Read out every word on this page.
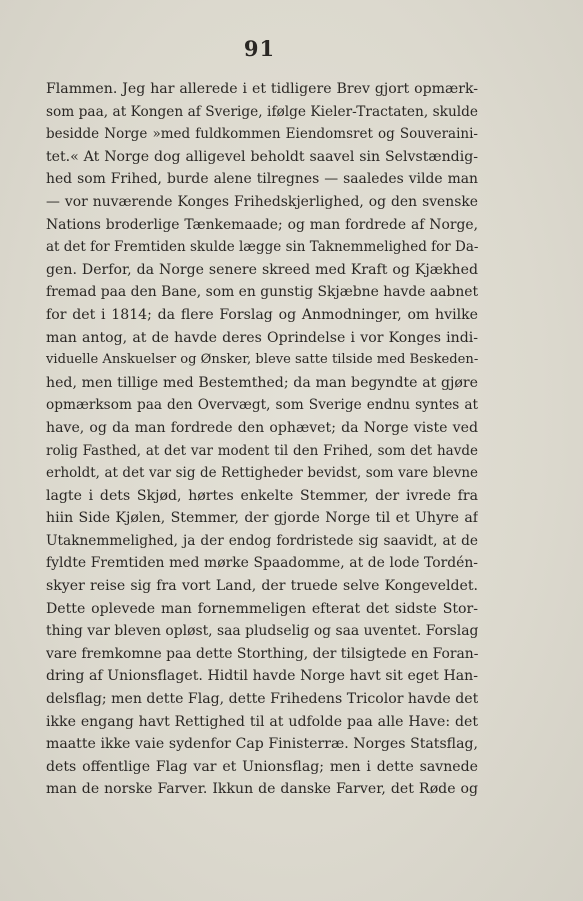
91
Flammen. Jeg har allerede i et tidligere Brev gjort opmærk-
som paa, at Kongen af Sverige, ifølge Kieler-Tractaten, skulde
besidde Norge »med fuldkommen Eiendomsret og Souveraini-
tet.« At Norge dog alligevel beholdt saavel sin Selvstændig-
hed som Frihed, burde alene tilregnes — saaledes vilde man
— vor nuværende Konges Frihedskjerlighed, og den svenske
Nations broderlige Tænkemaade; og man fordrede af Norge,
at det for Fremtiden skulde lægge sin Taknemmelighed for Da-
gen. Derfor, da Norge senere skreed med Kraft og Kjækhed
fremad paa den Bane, som en gunstig Skjæbne havde aabnet
for det i 1814; da flere Forslag og Anmodninger, om hvilke
man antog, at de havde deres Oprindelse i vor Konges indi-
viduelle Anskuelser og Ønsker, bleve satte tilside med Beskeden-
hed, men tillige med Bestemthed; da man begyndte at gjøre
opmærksom paa den Overvægt, som Sverige endnu syntes at
have, og da man fordrede den ophævet; da Norge viste ved
rolig Fasthed, at det var modent til den Frihed, som det havde
erholdt, at det var sig de Rettigheder bevidst, som vare blevne
lagte i dets Skjød, hørtes enkelte Stemmer, der ivrede fra
hiin Side Kjølen, Stemmer, der gjorde Norge til et Uhyre af
Utaknemmelighed, ja der endog fordristede sig saavidt, at de
fyldte Fremtiden med mørke Spaadomme, at de lode Tordén-
skyer reise sig fra vort Land, der truede selve Kongeveldet.
Dette oplevede man fornemmeligen efterat det sidste Stor-
thing var bleven opløst, saa pludselig og saa uventet. Forslag
vare fremkomne paa dette Storthing, der tilsigtede en Foran-
dring af Unionsflaget. Hidtil havde Norge havt sit eget Han-
delsflag; men dette Flag, dette Frihedens Tricolor havde det
ikke engang havt Rettighed til at udfolde paa alle Have: det
maatte ikke vaie sydenfor Cap Finisterræ. Norges Statsflag,
dets offentlige Flag var et Unionsflag; men i dette savnede
man de norske Farver. Ikkun de danske Farver, det Røde og
